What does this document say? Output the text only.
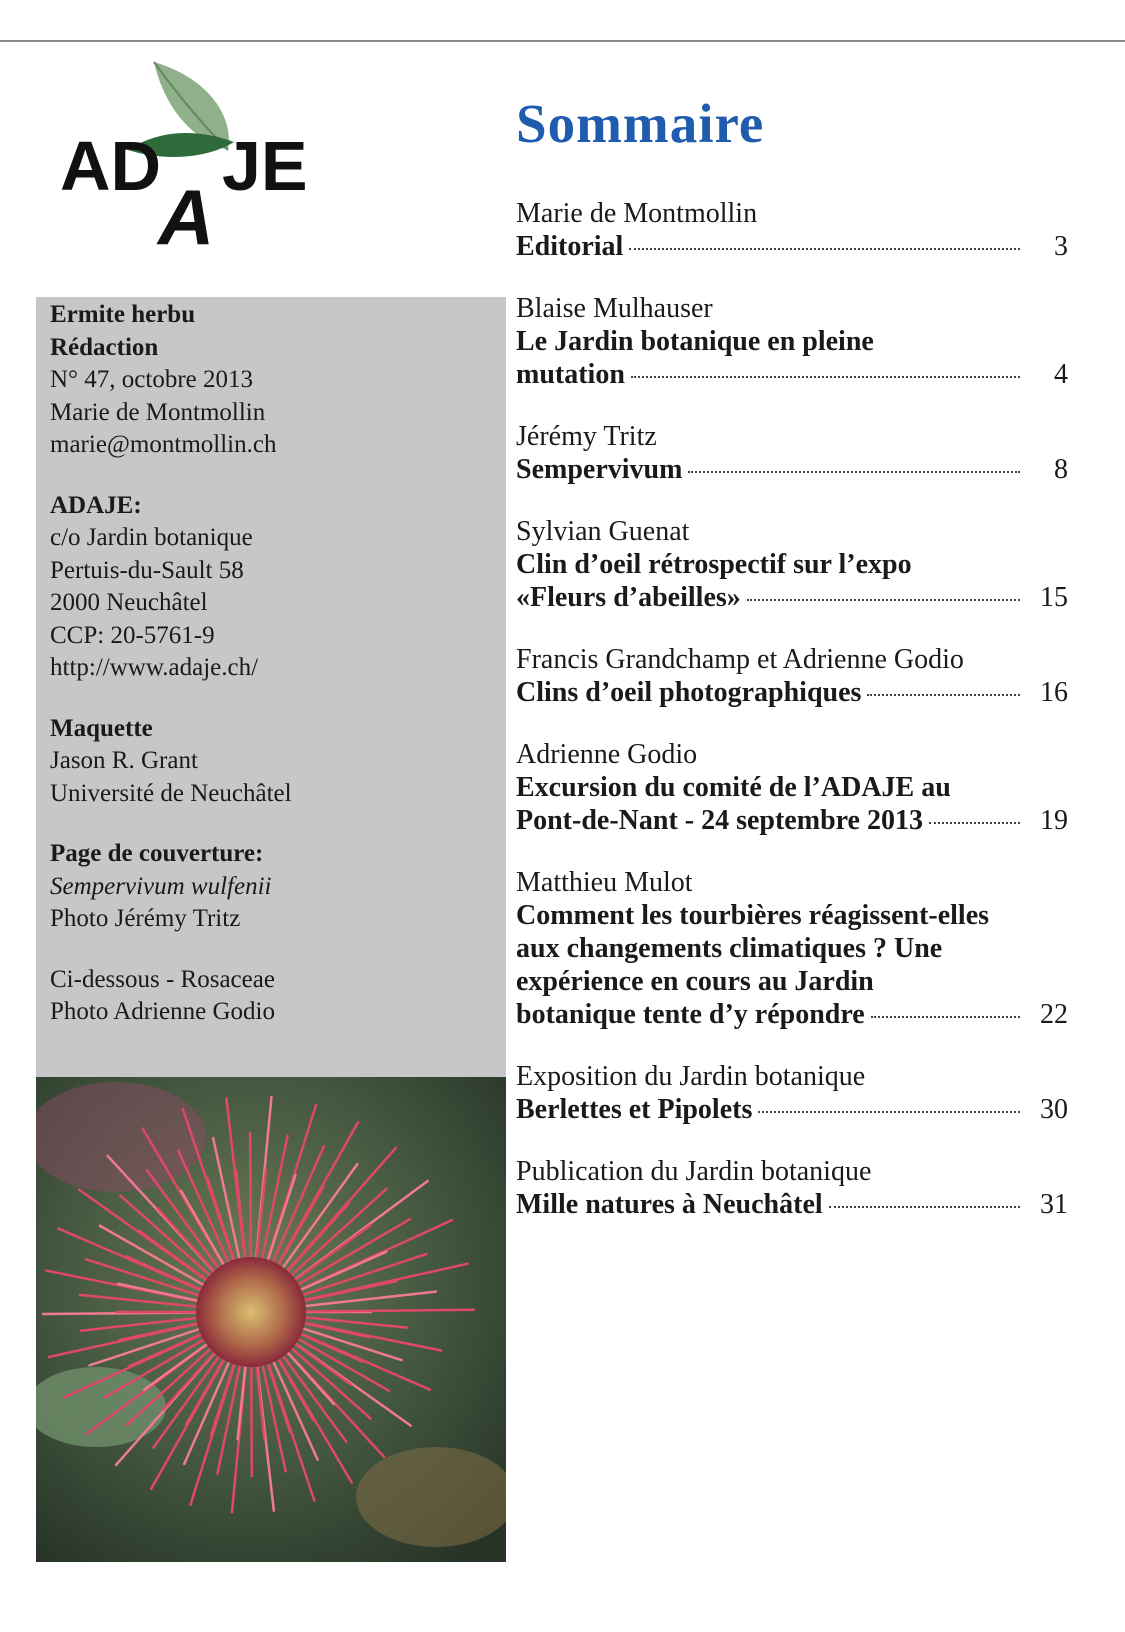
AD
A
JE
Ermite herbu
Rédaction
N° 47, octobre 2013
Marie de Montmollin
marie@montmollin.ch
ADAJE:
c/o Jardin botanique
Pertuis-du-Sault 58
2000 Neuchâtel
CCP: 20-5761-9
http://www.adaje.ch/
Maquette
Jason R. Grant
Université de Neuchâtel
Page de couverture:
Sempervivum wulfenii
Photo Jérémy Tritz
Ci-dessous - Rosaceae
Photo Adrienne Godio
Sommaire
Marie de Montmollin
Editorial	3
Blaise Mulhauser
Le Jardin botanique en pleine
mutation	4
Jérémy Tritz
Sempervivum	8
Sylvian Guenat
Clin d’oeil rétrospectif sur l’expo
«Fleurs d’abeilles»	15
Francis Grandchamp et Adrienne Godio
Clins d’oeil photographiques	16
Adrienne Godio
Excursion du comité de l’ADAJE au
Pont-de-Nant - 24 septembre 2013	19
Matthieu Mulot
Comment les tourbières réagissent-elles
aux changements climatiques ? Une
expérience en cours au Jardin
botanique tente d’y répondre	22
Exposition du Jardin botanique
Berlettes et Pipolets	30
Publication du Jardin botanique
Mille natures à Neuchâtel	31
